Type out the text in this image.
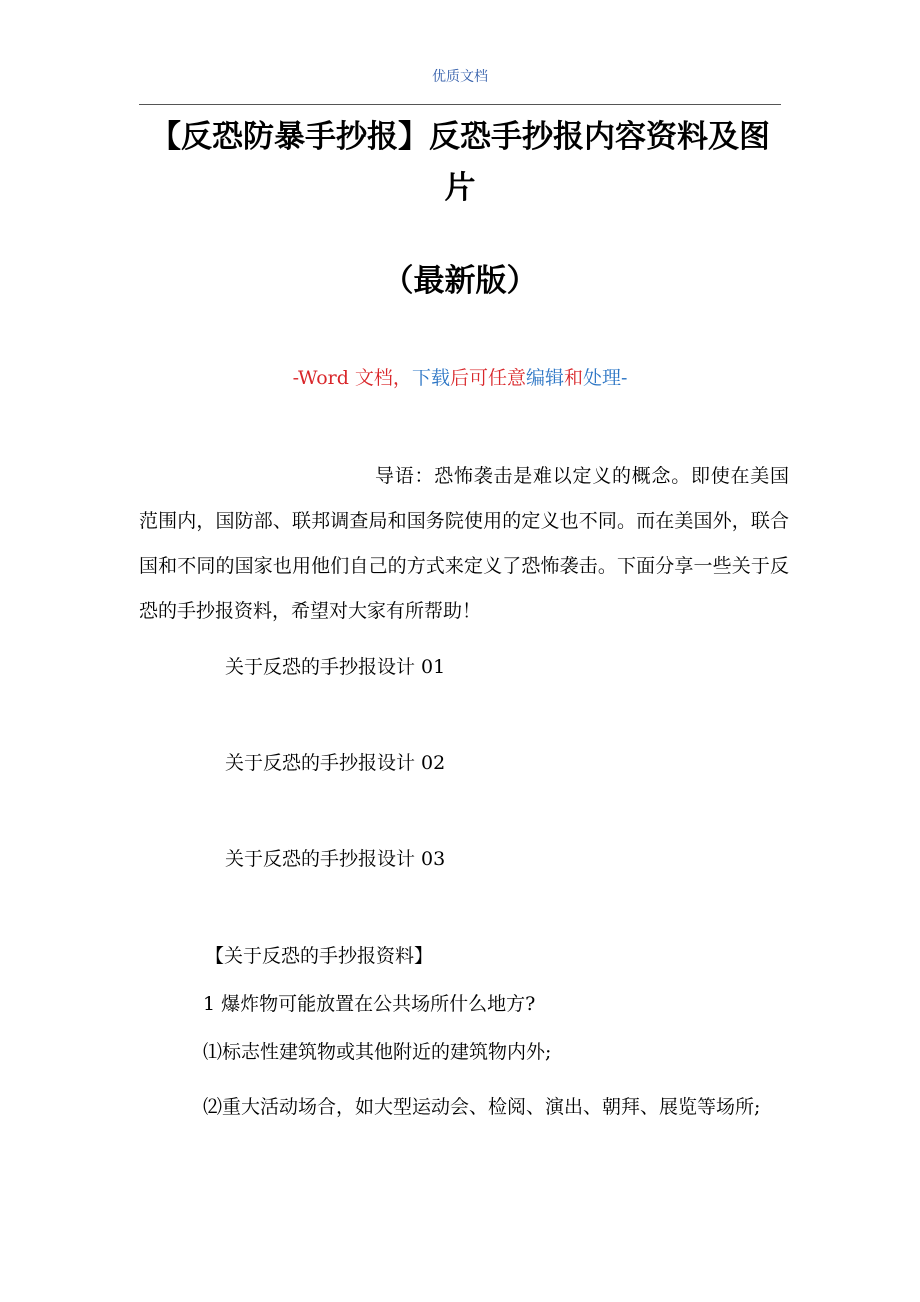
优质文档
【反恐防暴手抄报】反恐手抄报内容资料及图片
（最新版）
-Word 文档，下载后可任意编辑和处理-

导语：恐怖袭击是难以定义的概念。即使在美国范围内，国防部、联邦调查局和国务院使用的定义也不同。而在美国外，联合国和不同的国家也用他们自己的方式来定义了恐怖袭击。下面分享一些关于反恐的手抄报资料，希望对大家有所帮助！

关于反恐的手抄报设计 01
关于反恐的手抄报设计 02
关于反恐的手抄报设计 03
【关于反恐的手抄报资料】
1 爆炸物可能放置在公共场所什么地方?
⑴标志性建筑物或其他附近的建筑物内外;

⑵重大活动场合，如大型运动会、检阅、演出、朝拜、展览等场所;
